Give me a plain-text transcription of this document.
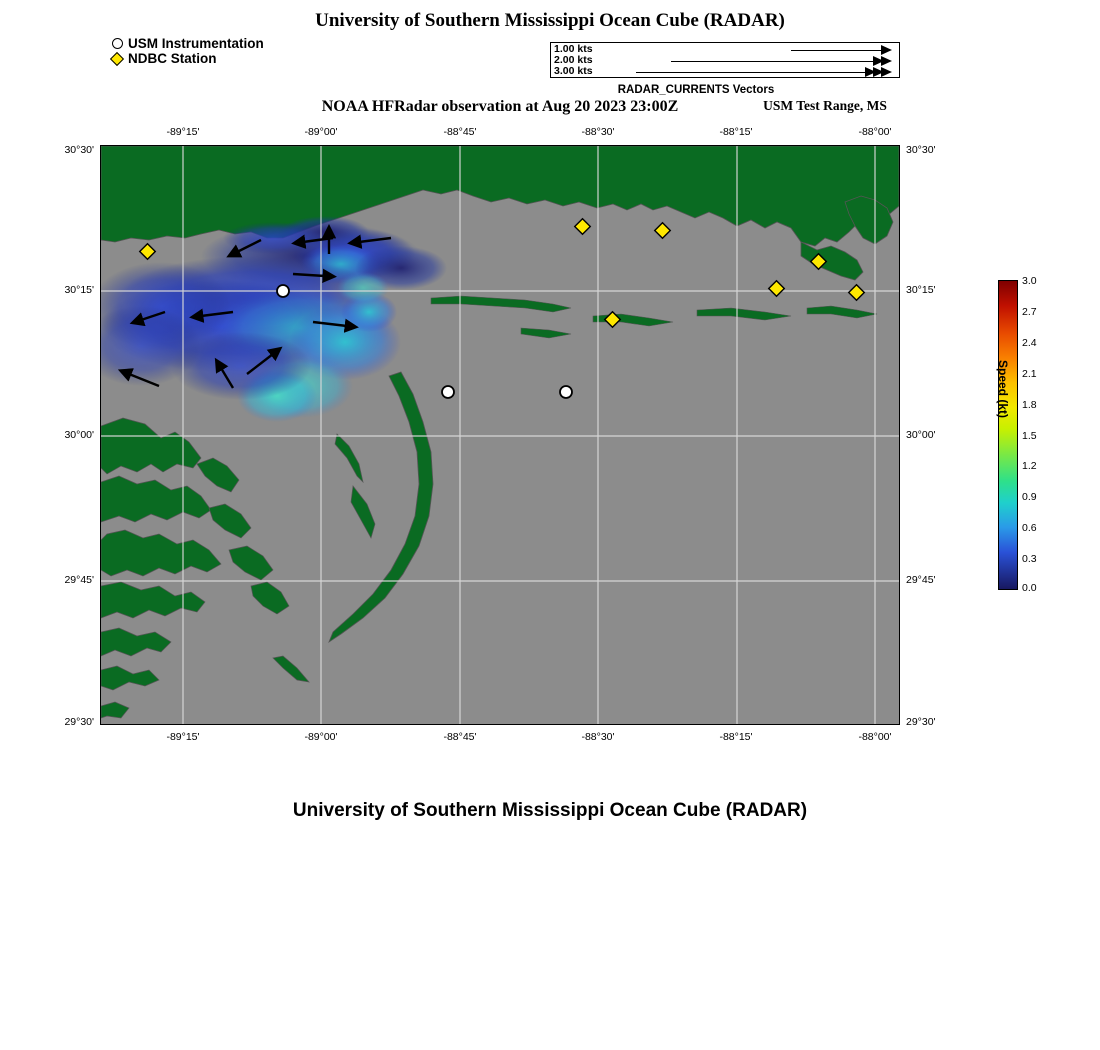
University of Southern Mississippi Ocean Cube (RADAR)
USM Instrumentation
NDBC Station
1.00 kts
2.00 kts
3.00 kts
RADAR_CURRENTS Vectors
NOAA HFRadar observation at Aug 20 2023 23:00Z	USM Test Range, MS
-89°15'	-89°00'	-88°45'	-88°30'	-88°15'	-88°00'
-89°15'	-89°00'	-88°45'	-88°30'	-88°15'	-88°00'
30°30'
30°15'
30°00'
29°45'
29°30'
30°30'
30°15'
30°00'
29°45'
29°30'
3.0
2.7
2.4
2.1
1.8
1.5
1.2
0.9
0.6
0.3
0.0
Speed (kt)
University of Southern Mississippi Ocean Cube (RADAR)
